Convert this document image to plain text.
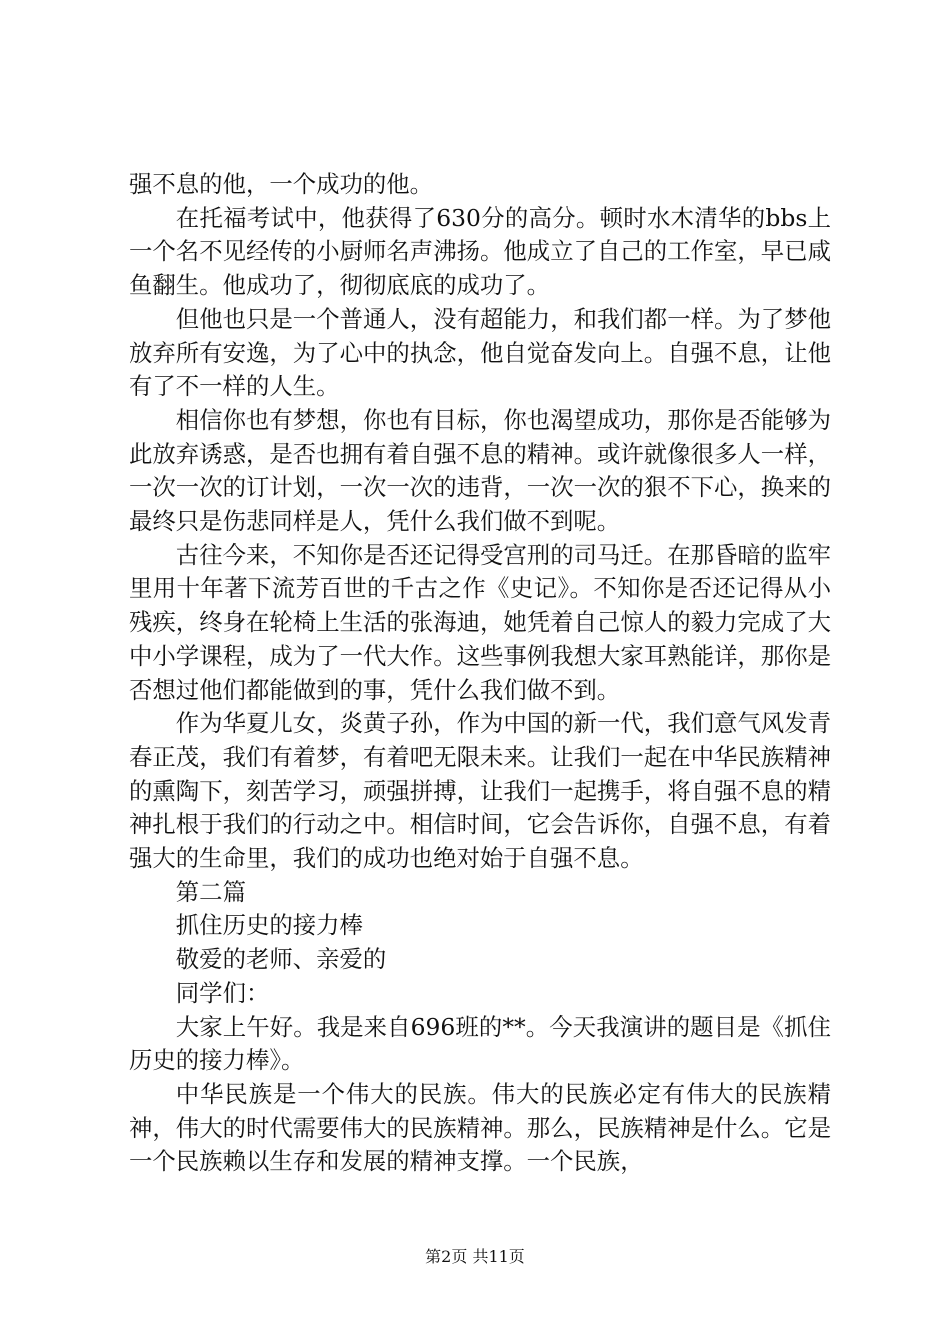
强不息的他，一个成功的他。

在托福考试中，他获得了630分的高分。顿时水木清华的bbs上一个名不见经传的小厨师名声沸扬。他成立了自己的工作室，早已咸鱼翻生。他成功了，彻彻底底的成功了。

但他也只是一个普通人，没有超能力，和我们都一样。为了梦他放弃所有安逸，为了心中的执念，他自觉奋发向上。自强不息，让他有了不一样的人生。

相信你也有梦想，你也有目标，你也渴望成功，那你是否能够为此放弃诱惑，是否也拥有着自强不息的精神。或许就像很多人一样，一次一次的订计划，一次一次的违背，一次一次的狠不下心，换来的最终只是伤悲同样是人，凭什么我们做不到呢。

古往今来，不知你是否还记得受宫刑的司马迁。在那昏暗的监牢里用十年著下流芳百世的千古之作《史记》。不知你是否还记得从小残疾，终身在轮椅上生活的张海迪，她凭着自己惊人的毅力完成了大中小学课程，成为了一代大作。这些事例我想大家耳熟能详，那你是否想过他们都能做到的事，凭什么我们做不到。

作为华夏儿女，炎黄子孙，作为中国的新一代，我们意气风发青春正茂，我们有着梦，有着吧无限未来。让我们一起在中华民族精神的熏陶下，刻苦学习，顽强拼搏，让我们一起携手，将自强不息的精神扎根于我们的行动之中。相信时间，它会告诉你，自强不息，有着强大的生命里，我们的成功也绝对始于自强不息。

第二篇

抓住历史的接力棒

敬爱的老师、亲爱的

同学们：

大家上午好。我是来自696班的**。今天我演讲的题目是《抓住历史的接力棒》。

中华民族是一个伟大的民族。伟大的民族必定有伟大的民族精神，伟大的时代需要伟大的民族精神。那么，民族精神是什么。它是一个民族赖以生存和发展的精神支撑。一个民族，

第2页 共11页
